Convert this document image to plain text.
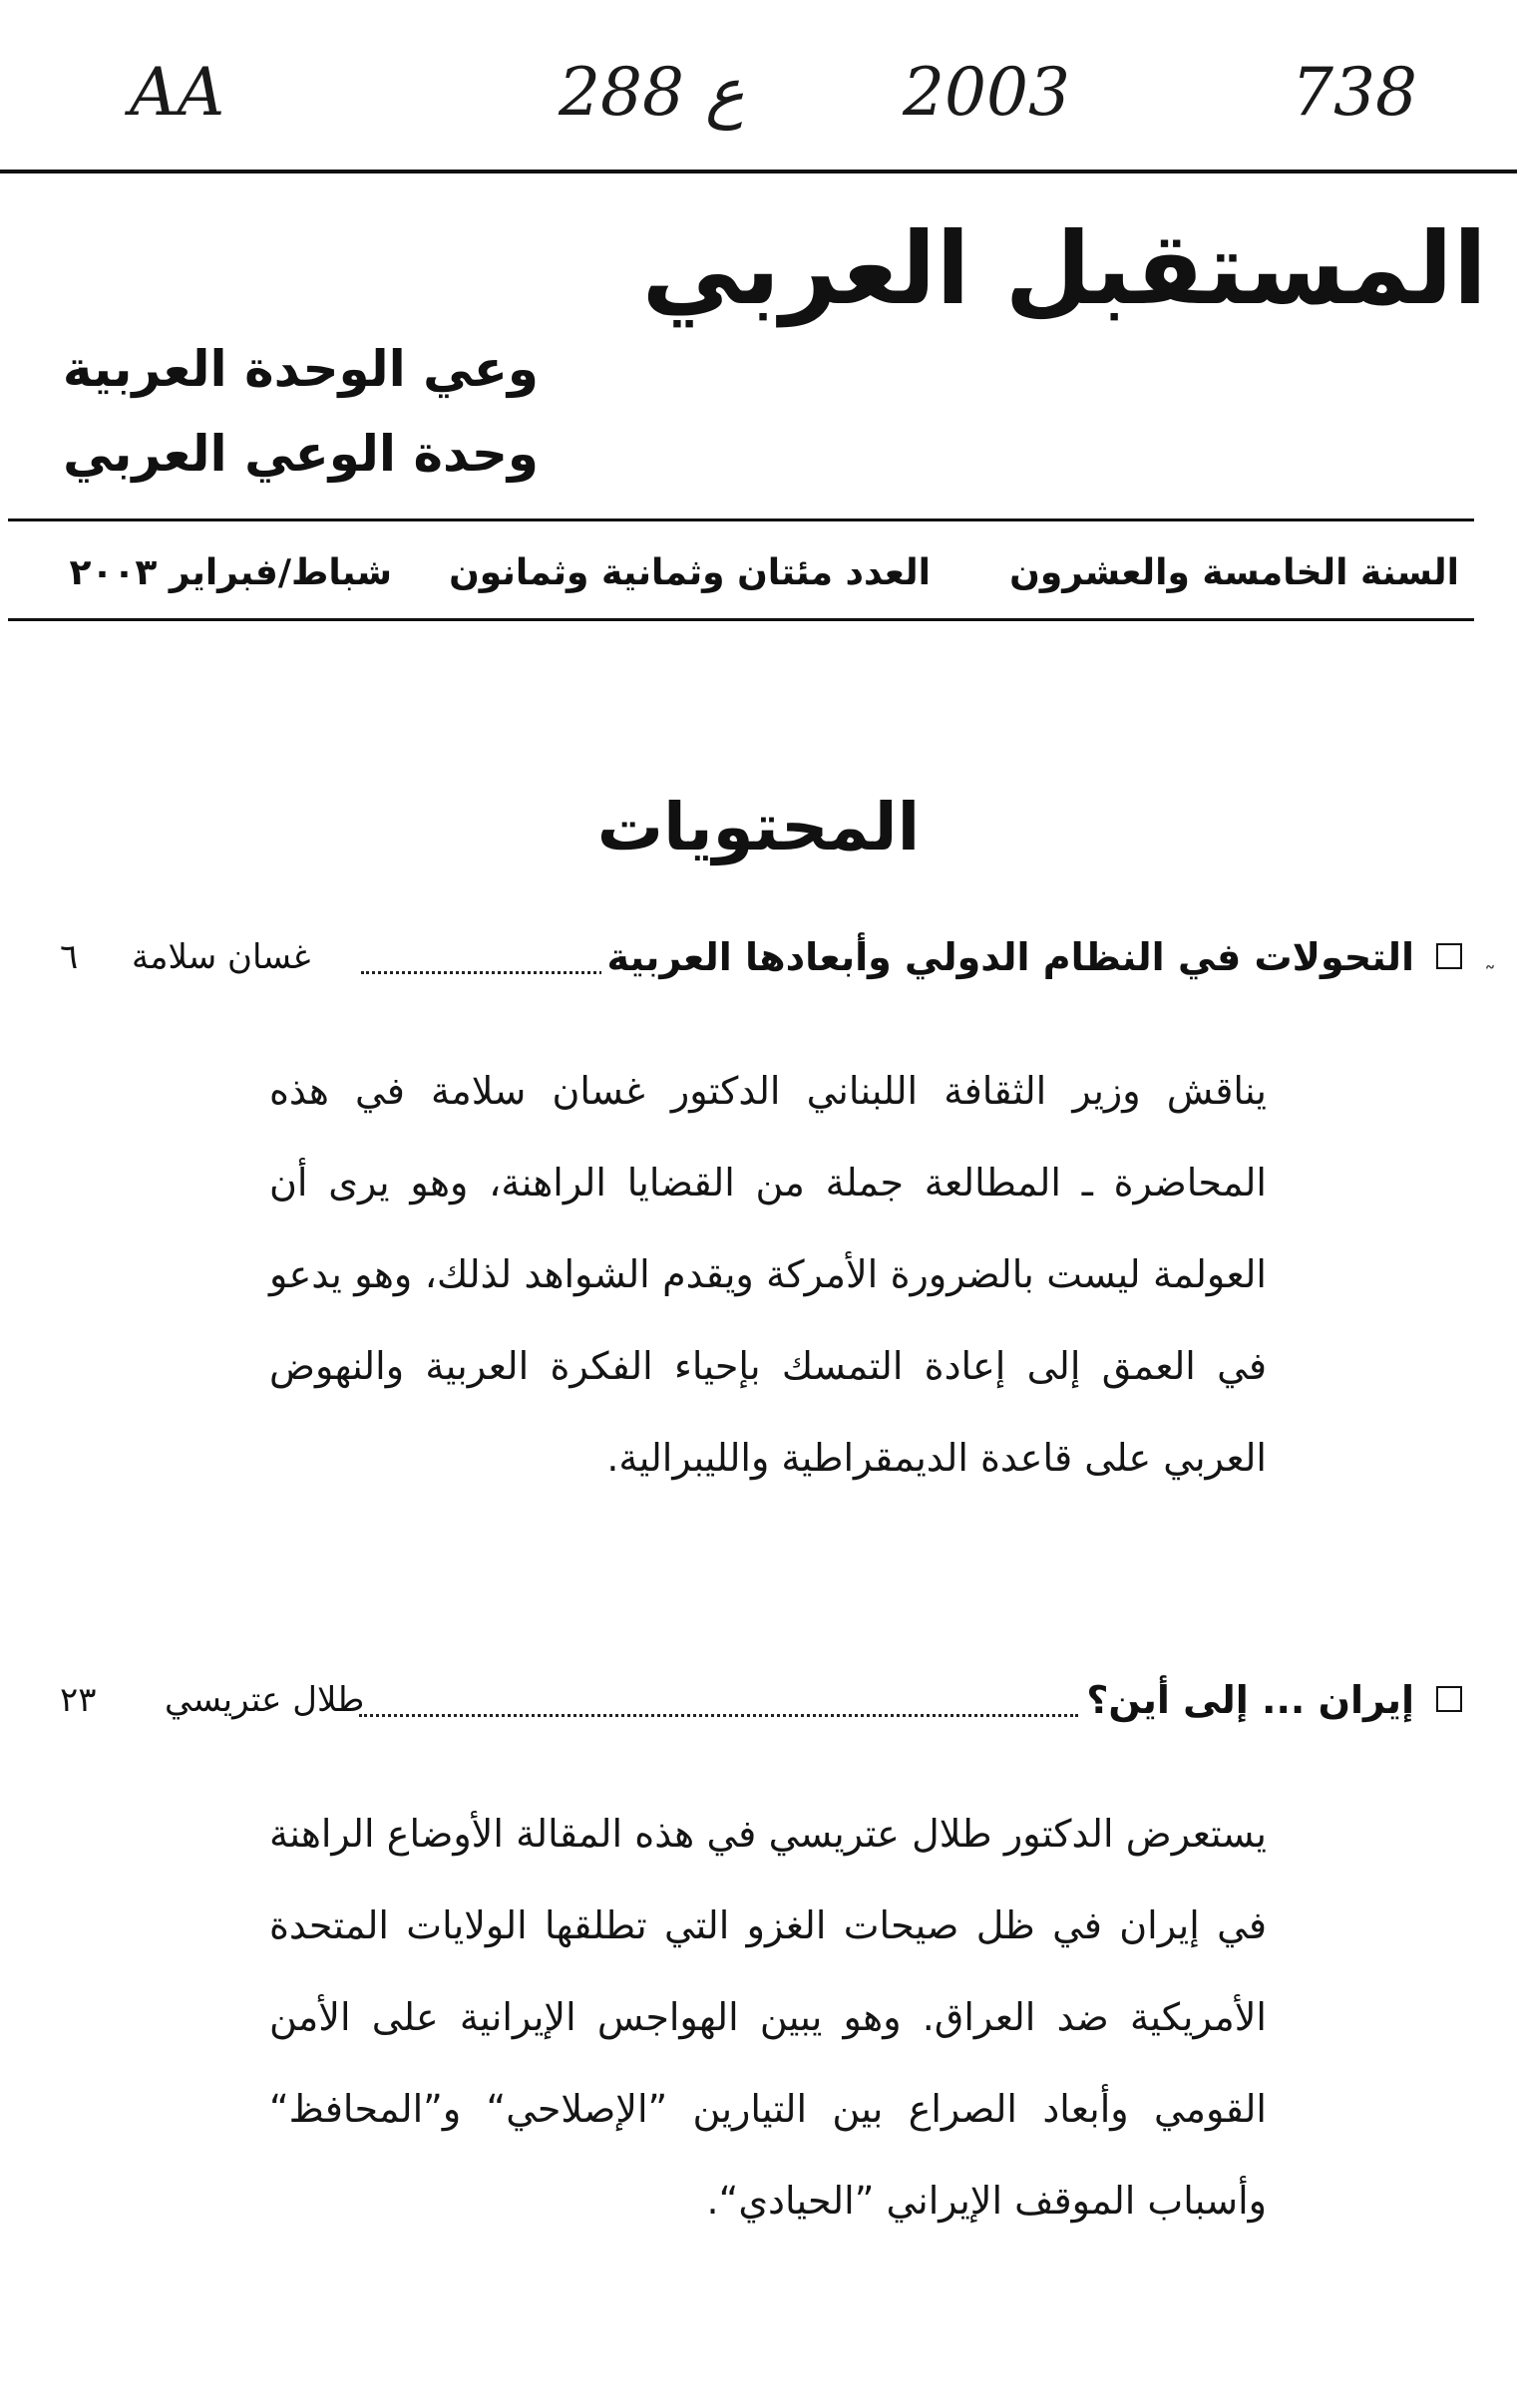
AA	288 ع 2003	738
المستقبل العربي
وعي الوحدة العربية
وحدة الوعي العربي
السنة الخامسة والعشرون
العدد مئتان وثمانية وثمانون
شباط/فبراير ٢٠٠٣
المحتويات
˷
التحولات في النظام الدولي وأبعادها العربية
غسان سلامة
٦
يناقش وزير الثقافة اللبناني الدكتور غسان سلامة في هذه المحاضرة ـ المطالعة جملة من القضايا الراهنة، وهو يرى أن العولمة ليست بالضرورة الأمركة ويقدم الشواهد لذلك، وهو يدعو في العمق إلى إعادة التمسك بإحياء الفكرة العربية والنهوض العربي على قاعدة الديمقراطية والليبرالية.
إيران ... إلى أين؟
طلال عتريسي
٢٣
يستعرض الدكتور طلال عتريسي في هذه المقالة الأوضاع الراهنة في إيران في ظل صيحات الغزو التي تطلقها الولايات المتحدة الأمريكية ضد العراق. وهو يبين الهواجس الإيرانية على الأمن القومي وأبعاد الصراع بين التيارين ”الإصلاحي“ و”المحافظ“ وأسباب الموقف الإيراني ”الحيادي“.
